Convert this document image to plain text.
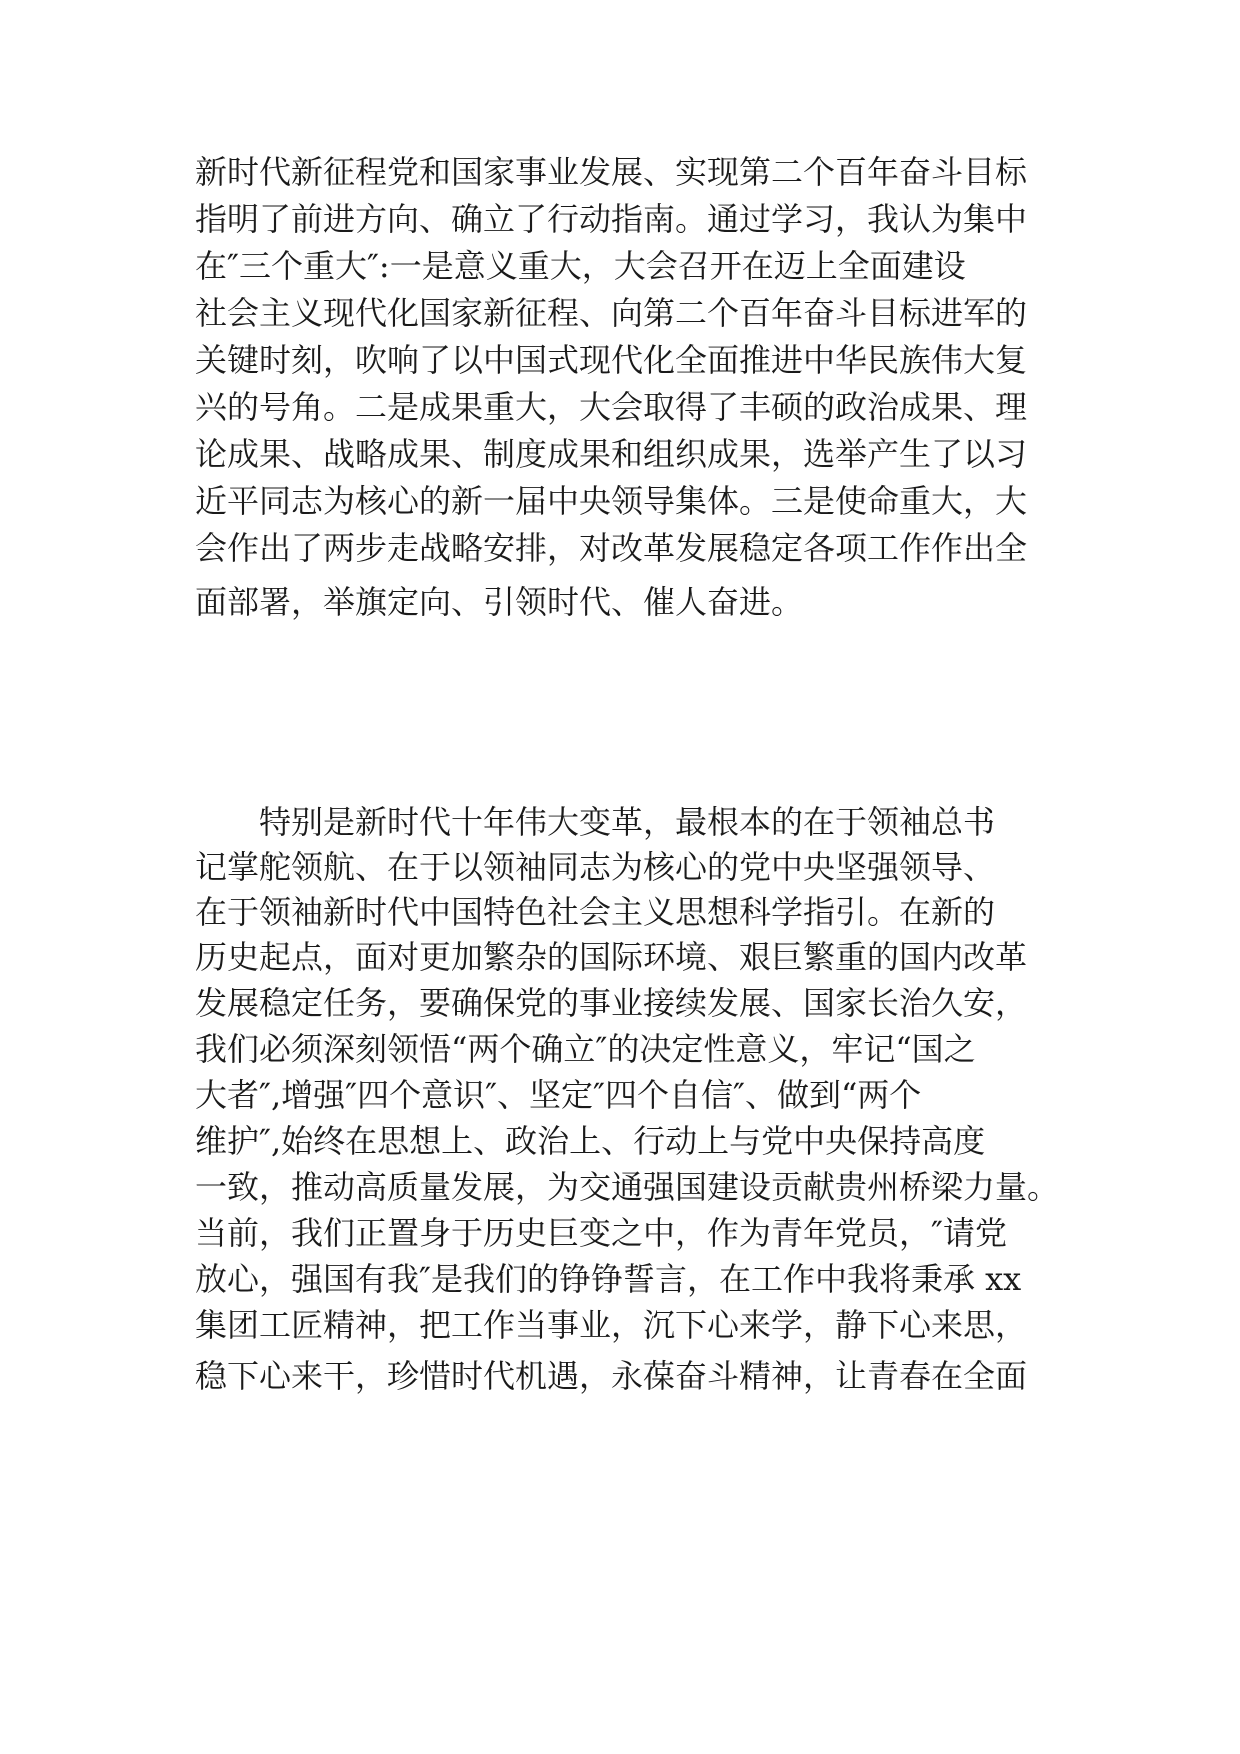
新时代新征程党和国家事业发展、实现第二个百年奋斗目标
指明了前进方向、确立了行动指南。通过学习，我认为集中
在″三个重大″:一是意义重大，大会召开在迈上全面建设
社会主义现代化国家新征程、向第二个百年奋斗目标进军的
关键时刻，吹响了以中国式现代化全面推进中华民族伟大复
兴的号角。二是成果重大，大会取得了丰硕的政治成果、理
论成果、战略成果、制度成果和组织成果，选举产生了以习
近平同志为核心的新一届中央领导集体。三是使命重大，大
会作出了两步走战略安排，对改革发展稳定各项工作作出全
面部署，举旗定向、引领时代、催人奋进。
特别是新时代十年伟大变革，最根本的在于领袖总书
记掌舵领航、在于以领袖同志为核心的党中央坚强领导、
在于领袖新时代中国特色社会主义思想科学指引。在新的
历史起点，面对更加繁杂的国际环境、艰巨繁重的国内改革
发展稳定任务，要确保党的事业接续发展、国家长治久安，
我们必须深刻领悟“两个确立″的决定性意义，牢记“国之
大者″,增强″四个意识″、坚定″四个自信″、做到“两个
维护″,始终在思想上、政治上、行动上与党中央保持高度
一致，推动高质量发展，为交通强国建设贡献贵州桥梁力量。
当前，我们正置身于历史巨变之中，作为青年党员，″请党
放心，强国有我″是我们的铮铮誓言，在工作中我将秉承 xx
集团工匠精神，把工作当事业，沉下心来学，静下心来思，
稳下心来干，珍惜时代机遇，永葆奋斗精神，让青春在全面
